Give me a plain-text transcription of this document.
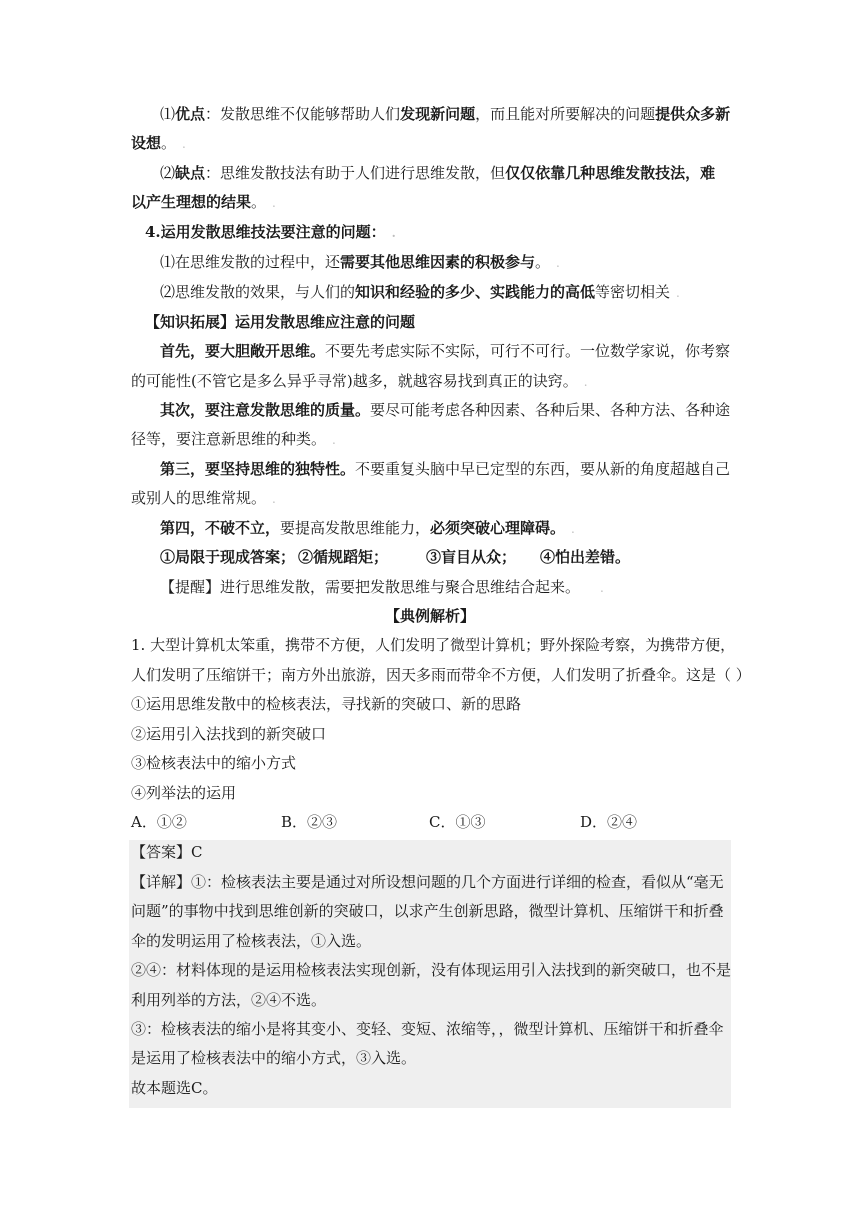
⑴优点：发散思维不仅能够帮助人们发现新问题，而且能对所要解决的问题提供众多新
设想。 .
⑵缺点：思维发散技法有助于人们进行思维发散，但仅仅依靠几种思维发散技法，难
以产生理想的结果。 .
4.运用发散思维技法要注意的问题： .
⑴在思维发散的过程中，还需要其他思维因素的积极参与。 .
⑵思维发散的效果，与人们的知识和经验的多少、实践能力的高低等密切相关 .
【知识拓展】运用发散思维应注意的问题
首先，要大胆敞开思维。不要先考虑实际不实际，可行不可行。一位数学家说，你考察
的可能性(不管它是多么异乎寻常)越多，就越容易找到真正的诀窍。 .
其次，要注意发散思维的质量。要尽可能考虑各种因素、各种后果、各种方法、各种途
径等，要注意新思维的种类。 .
第三，要坚持思维的独特性。不要重复头脑中早已定型的东西，要从新的角度超越自己
或别人的思维常规。 .
第四，不破不立，要提高发散思维能力，必须突破心理障碍。 .
①局限于现成答案； ②循规蹈矩；	③盲目从众； ④怕出差错。
【提醒】进行思维发散，需要把发散思维与聚合思维结合起来。 .
【典例解析】
1. 大型计算机太笨重，携带不方便，人们发明了微型计算机；野外探险考察，为携带方便，
人们发明了压缩饼干；南方外出旅游，因天多雨而带伞不方便，人们发明了折叠伞。这是（ ）
①运用思维发散中的检核表法，寻找新的突破口、新的思路
②运用引入法找到的新突破口
③检核表法中的缩小方式
④列举法的运用
A．①②	B．②③	C．①③	D．②④
【答案】C
【详解】①：检核表法主要是通过对所设想问题的几个方面进行详细的检查，看似从“毫无
问题”的事物中找到思维创新的突破口，以求产生创新思路，微型计算机、压缩饼干和折叠
伞的发明运用了检核表法，①入选。
②④：材料体现的是运用检核表法实现创新，没有体现运用引入法找到的新突破口，也不是
利用列举的方法，②④不选。
③：检核表法的缩小是将其变小、变轻、变短、浓缩等，，微型计算机、压缩饼干和折叠伞
是运用了检核表法中的缩小方式，③入选。
故本题选C。
